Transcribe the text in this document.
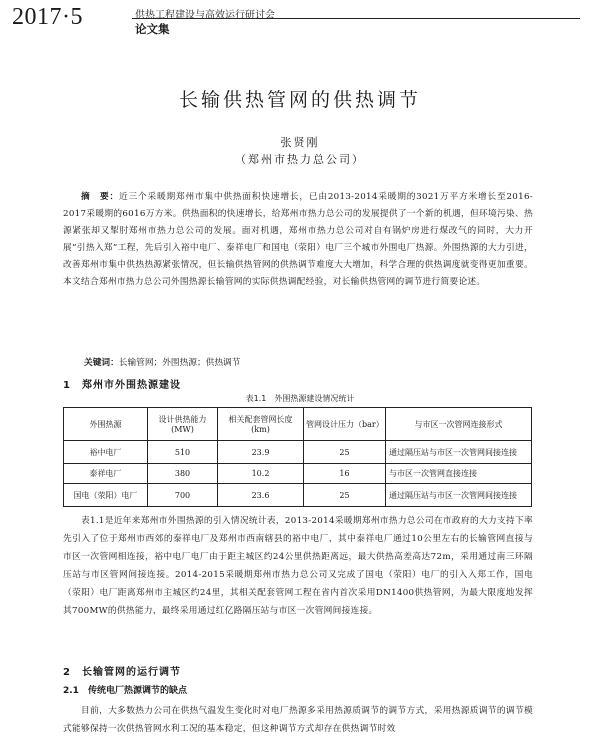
2017·5	供热工程建设与高效运行研讨会
论文集
长输供热管网的供热调节
张贤刚
（郑州市热力总公司）

摘　要：近三个采暖期郑州市集中供热面积快速增长，已由2013-2014采暖期的3021万平方米增长至2016-2017采暖期的6016万方米。供热面积的快速增长，给郑州市热力总公司的发展提供了一个新的机遇，但环境污染、热源紧张却又掣肘郑州市热力总公司的发展。面对机遇，郑州市热力总公司对自有锅炉房进行煤改气的同时，大力开展“引热入郑”工程，先后引入裕中电厂、泰祥电厂和国电（荥阳）电厂三个城市外围电厂热源。外围热源的大力引进，改善郑州市集中供热热源紧张情况，但长输供热管网的供热调节难度大大增加，科学合理的供热调度就变得更加重要。本文结合郑州市热力总公司外围热源长输管网的实际供热调配经验，对长输供热管网的调节进行简要论述。

关键词：长输管网；外围热源；供热调节
1　郑州市外围热源建设
表1.1　外围热源建设情况统计
外围热源	设计供热能力(MW)	相关配套管网长度(km)	管网设计压力（bar）	与市区一次管网连接形式
裕中电厂	510	23.9	25	通过隔压站与市区一次管网间接连接
泰祥电厂	380	10.2	16	与市区一次管网直接连接
国电（荥阳）电厂	700	23.6	25	通过隔压站与市区一次管网间接连接

表1.1是近年来郑州市外围热源的引入情况统计表，2013-2014采暖期郑州市热力总公司在市政府的大力支持下率先引入了位于郑州市西郊的泰祥电厂及郑州市西南辖县的裕中电厂，其中泰祥电厂通过10公里左右的长输管网直接与市区一次管网相连接，裕中电厂电厂由于距主城区约24公里供热距离远，最大供热高差高达72m，采用通过南三环隔压站与市区管网间接连接。2014-2015采暖期郑州市热力总公司又完成了国电（荥阳）电厂的引入入郑工作，国电（荥阳）电厂距离郑州市主城区约24里，其相关配套管网工程在省内首次采用DN1400供热管网，为最大限度地发挥其700MW的供热能力，最终采用通过红亿路隔压站与市区一次管网间接连接。

2　长输管网的运行调节
2.1　传统电厂热源调节的缺点

目前，大多数热力公司在供热气温发生变化时对电厂热源多采用热源质调节的调节方式，采用热源质调节的调节模式能够保持一次供热管网水利工况的基本稳定，但这种调节方式却存在供热调节时效
